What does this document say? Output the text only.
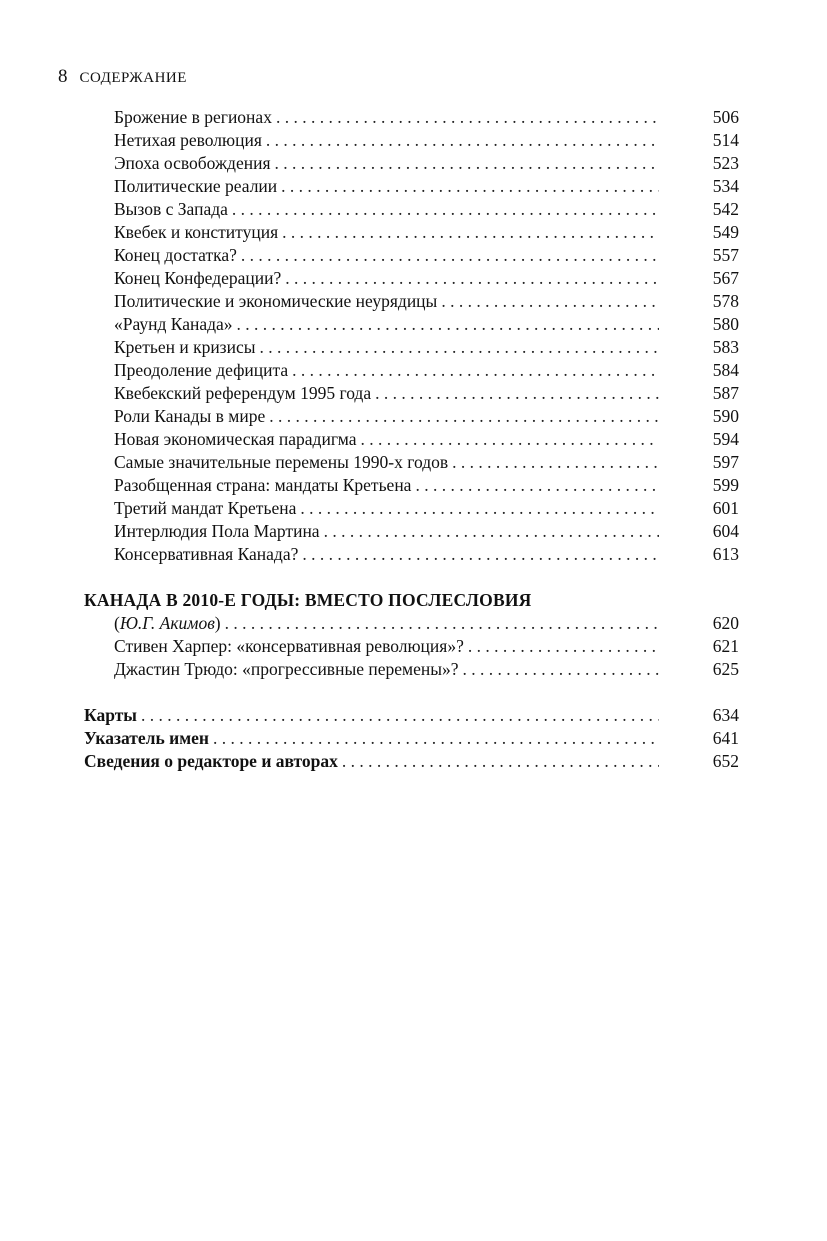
8 СОДЕРЖАНИЕ
Брожение в регионах . . .	506
Нетихая революция . . .	514
Эпоха освобождения . . .	523
Политические реалии . . .	534
Вызов с Запада . . .	542
Квебек и конституция . . .	549
Конец достатка? . . .	557
Конец Конфедерации? . . .	567
Политические и экономические неурядицы . . .	578
«Раунд Канада» . . .	580
Кретьен и кризисы . . .	583
Преодоление дефицита . . .	584
Квебекский референдум 1995 года . . .	587
Роли Канады в мире . . .	590
Новая экономическая парадигма . . .	594
Самые значительные перемены 1990-х годов . . .	597
Разобщенная страна: мандаты Кретьена . . .	599
Третий мандат Кретьена . . .	601
Интерлюдия Пола Мартина . . .	604
Консервативная Канада? . . .	613
КАНАДА В 2010-Е ГОДЫ: ВМЕСТО ПОСЛЕСЛОВИЯ
(Ю.Г. Акимов) . . .	620
Стивен Харпер: «консервативная революция»? . . .	621
Джастин Трюдо: «прогрессивные перемены»? . . .	625
Карты . . .	634
Указатель имен . . .	641
Сведения о редакторе и авторах . . .	652
